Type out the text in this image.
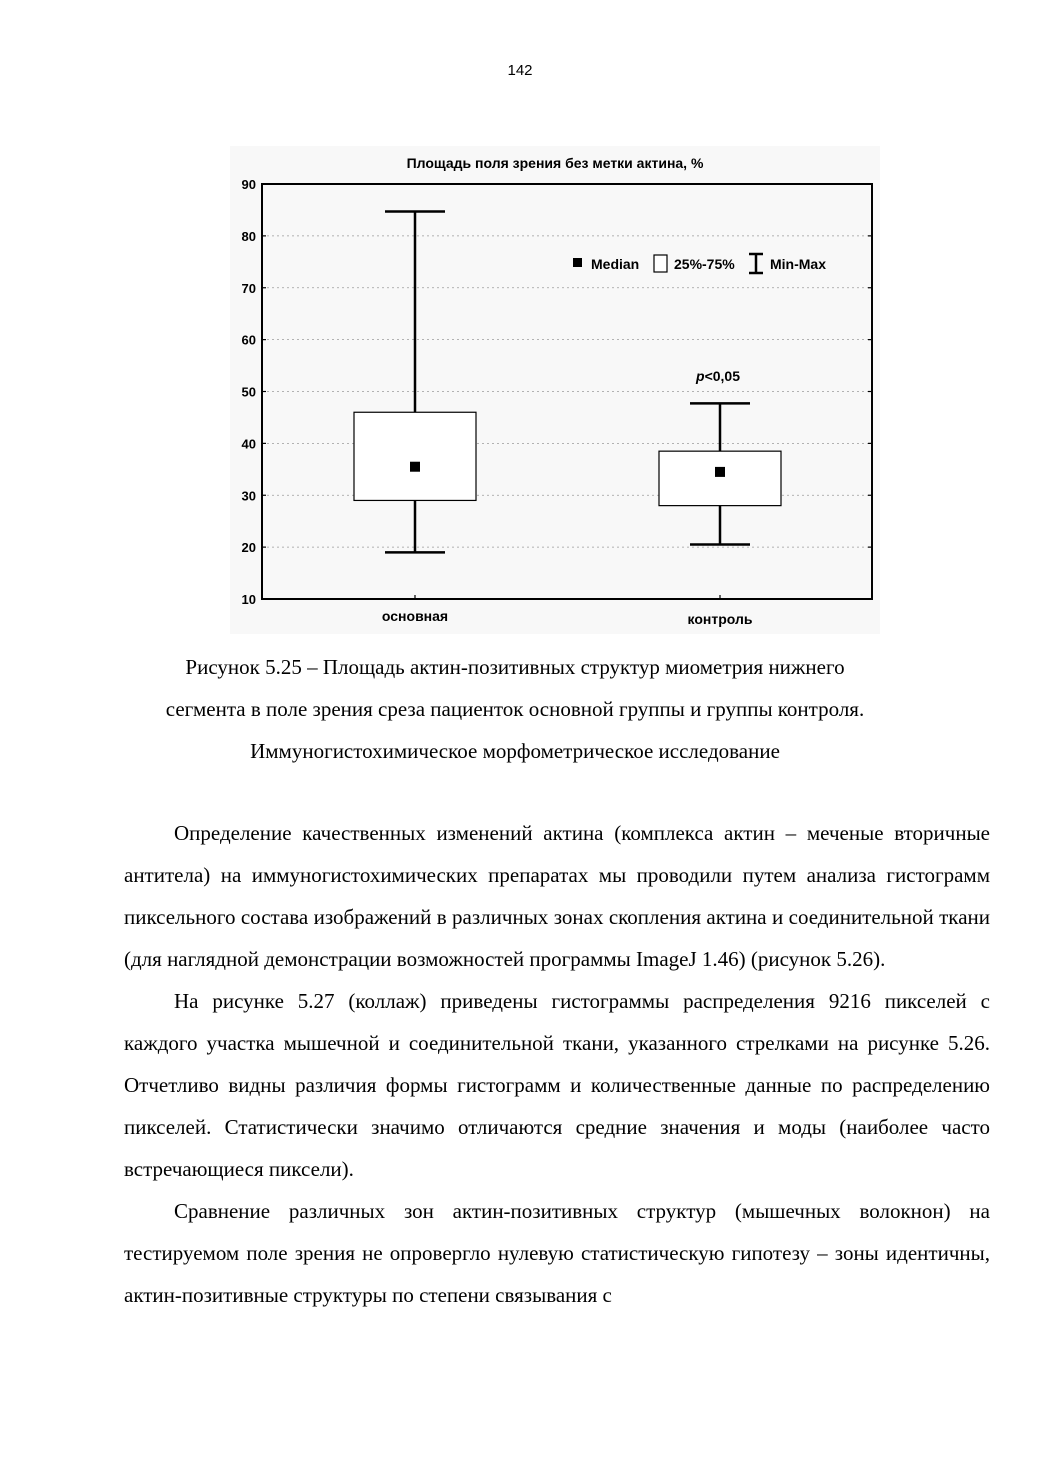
142
Площадь поля зрения без метки актина, %
10
20
30
40
50
60
70
80
90
основная	контроль
Median 25%-75%	Min-Max
p<0,05
Рисунок 5.25 – Площадь актин-позитивных структур миометрия нижнего
сегмента в поле зрения среза пациенток основной группы и группы контроля.
Иммуногистохимическое морфометрическое исследование

Определение качественных изменений актина (комплекса актин – меченые вторичные антитела) на иммуногистохимических препаратах мы проводили путем анализа гистограмм пиксельного состава изображений в различных зонах скопления актина и соединительной ткани (для наглядной демонстрации возможностей программы ImageJ 1.46) (рисунок 5.26).

На рисунке 5.27 (коллаж) приведены гистограммы распределения 9216 пикселей с каждого участка мышечной и соединительной ткани, указанного стрелками на рисунке 5.26. Отчетливо видны различия формы гистограмм и количественные данные по распределению пикселей. Статистически значимо отличаются средние значения и моды (наиболее часто встречающиеся пиксели).

Сравнение различных зон актин-позитивных структур (мышечных волокнон) на тестируемом поле зрения не опровергло нулевую статистическую гипотезу – зоны идентичны, актин-позитивные структуры по степени связывания с
